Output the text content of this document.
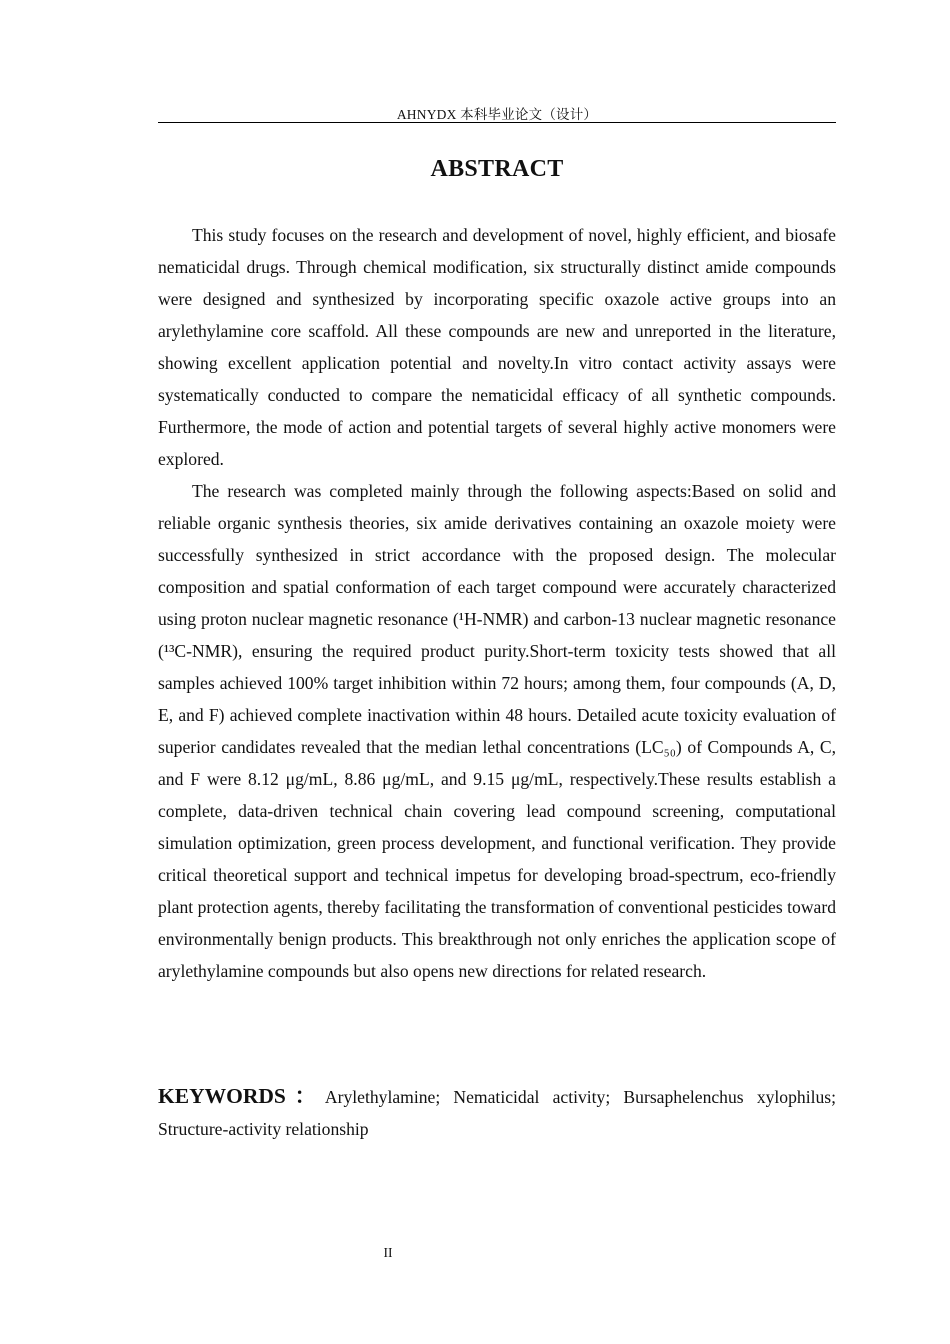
AHNYDX 本科毕业论文（设计）
ABSTRACT

This study focuses on the research and development of novel, highly efficient, and biosafe nematicidal drugs. Through chemical modification, six structurally distinct amide compounds were designed and synthesized by incorporating specific oxazole active groups into an arylethylamine core scaffold. All these compounds are new and unreported in the literature, showing excellent application potential and novelty.In vitro contact activity assays were systematically conducted to compare the nematicidal efficacy of all synthetic compounds. Furthermore, the mode of action and potential targets of several highly active monomers were explored.

The research was completed mainly through the following aspects:Based on solid and reliable organic synthesis theories, six amide derivatives containing an oxazole moiety were successfully synthesized in strict accordance with the proposed design. The molecular composition and spatial conformation of each target compound were accurately characterized using proton nuclear magnetic resonance (¹H-NMR) and carbon-13 nuclear magnetic resonance (¹³C-NMR), ensuring the required product purity.Short-term toxicity tests showed that all samples achieved 100% target inhibition within 72 hours; among them, four compounds (A, D, E, and F) achieved complete inactivation within 48 hours. Detailed acute toxicity evaluation of superior candidates revealed that the median lethal concentrations (LC₅₀) of Compounds A, C, and F were 8.12 μg/mL, 8.86 μg/mL, and 9.15 μg/mL, respectively.These results establish a complete, data-driven technical chain covering lead compound screening, computational simulation optimization, green process development, and functional verification. They provide critical theoretical support and technical impetus for developing broad-spectrum, eco-friendly plant protection agents, thereby facilitating the transformation of conventional pesticides toward environmentally benign products. This breakthrough not only enriches the application scope of arylethylamine compounds but also opens new directions for related research.

KEYWORDS：Arylethylamine; Nematicidal activity; Bursaphelenchus xylophilus; Structure-activity relationship
II
